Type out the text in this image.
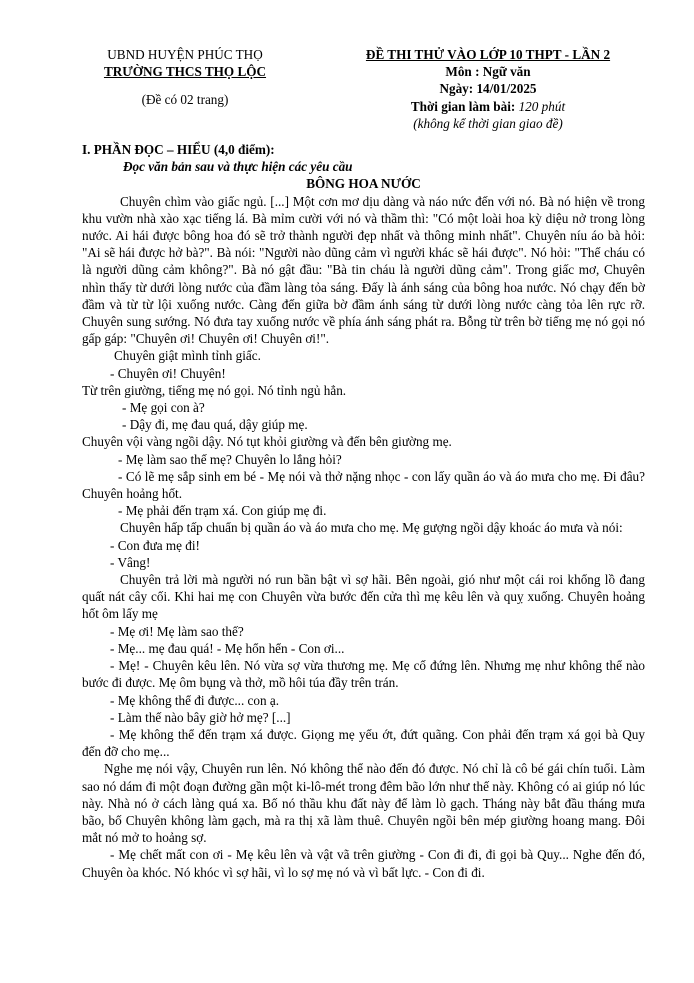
UBND HUYỆN PHÚC THỌ
TRƯỜNG THCS THỌ LỘC
(Đề có 02 trang)
ĐỀ THI THỬ VÀO LỚP 10 THPT - LẦN 2
Môn : Ngữ văn
Ngày: 14/01/2025
Thời gian làm bài: 120 phút
(không kể thời gian giao đề)
I. PHẦN ĐỌC – HIỂU (4,0 điểm):
Đọc văn bản sau và thực hiện các yêu cầu
BÔNG HOA NƯỚC

Chuyên chìm vào giấc ngủ. [...] Một cơn mơ dịu dàng và náo nức đến với nó. Bà nó hiện về trong khu vườn nhà xào xạc tiếng lá. Bà mỉm cười với nó và thầm thì: "Có một loài hoa kỳ diệu nở trong lòng nước. Ai hái được bông hoa đó sẽ trở thành người đẹp nhất và thông minh nhất". Chuyên níu áo bà hỏi: "Ai sẽ hái được hở bà?". Bà nói: "Người nào dũng cảm vì người khác sẽ hái được". Nó hỏi: "Thế cháu có là người dũng cảm không?". Bà nó gật đầu: "Bà tin cháu là người dũng cảm". Trong giấc mơ, Chuyên nhìn thấy từ dưới lòng nước của đầm làng tỏa sáng. Đấy là ánh sáng của bông hoa nước. Nó chạy đến bờ đầm và từ từ lội xuống nước. Càng đến giữa bờ đầm ánh sáng từ dưới lòng nước càng tỏa lên rực rỡ. Chuyên sung sướng. Nó đưa tay xuống nước về phía ánh sáng phát ra. Bỗng từ trên bờ tiếng mẹ nó gọi nó gấp gáp: "Chuyên ơi! Chuyên ơi! Chuyên ơi!".

Chuyên giật mình tỉnh giấc.

- Chuyên ơi! Chuyên!

Từ trên giường, tiếng mẹ nó gọi. Nó tỉnh ngủ hẳn.

- Mẹ gọi con à?

- Dậy đi, mẹ đau quá, dậy giúp mẹ.

Chuyên vội vàng ngồi dậy. Nó tụt khỏi giường và đến bên giường mẹ.

- Mẹ làm sao thế mẹ? Chuyên lo lắng hỏi?

- Có lẽ mẹ sắp sinh em bé - Mẹ nói và thở nặng nhọc - con lấy quần áo và áo mưa cho mẹ. Đi đâu? Chuyên hoảng hốt.

- Mẹ phải đến trạm xá. Con giúp mẹ đi.

Chuyên hấp tấp chuẩn bị quần áo và áo mưa cho mẹ. Mẹ gượng ngồi dậy khoác áo mưa và nói:

- Con đưa mẹ đi!

- Vâng!

Chuyên trả lời mà người nó run bần bật vì sợ hãi. Bên ngoài, gió như một cái roi khổng lồ đang quất nát cây cối. Khi hai mẹ con Chuyên vừa bước đến cửa thì mẹ kêu lên và quỵ xuống. Chuyên hoảng hốt ôm lấy mẹ

- Mẹ ơi! Mẹ làm sao thế?

- Mẹ... mẹ đau quá! - Mẹ hổn hển - Con ơi...

- Mẹ! - Chuyên kêu lên. Nó vừa sợ vừa thương mẹ. Mẹ cố đứng lên. Nhưng mẹ như không thể nào bước đi được. Mẹ ôm bụng và thở, mồ hôi túa đầy trên trán.

- Mẹ không thể đi được... con ạ.

- Làm thế nào bây giờ hở mẹ? [...]

- Mẹ không thể đến trạm xá được. Giọng mẹ yếu ớt, đứt quãng. Con phải đến trạm xá gọi bà Quy đến đỡ cho mẹ...

Nghe mẹ nói vậy, Chuyên run lên. Nó không thể nào đến đó được. Nó chỉ là cô bé gái chín tuổi. Làm sao nó dám đi một đoạn đường gần một ki-lô-mét trong đêm bão lớn như thế này. Không có ai giúp nó lúc này. Nhà nó ở cách làng quá xa. Bố nó thầu khu đất này để làm lò gạch. Tháng này bắt đầu tháng mưa bão, bố Chuyên không làm gạch, mà ra thị xã làm thuê. Chuyên ngồi bên mép giường hoang mang. Đôi mắt nó mở to hoảng sợ.

- Mẹ chết mất con ơi - Mẹ kêu lên và vật vã trên giường - Con đi đi, đi gọi bà Quy... Nghe đến đó, Chuyên òa khóc. Nó khóc vì sợ hãi, vì lo sợ mẹ nó và vì bất lực. - Con đi đi.
